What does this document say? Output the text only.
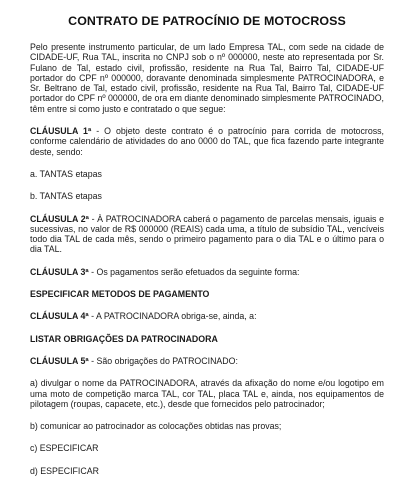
CONTRATO DE PATROCÍNIO DE MOTOCROSS

Pelo presente instrumento particular, de um lado Empresa TAL, com sede na cidade de CIDADE-UF, Rua TAL, inscrita no CNPJ sob o nº 000000, neste ato representada por Sr. Fulano de Tal, estado civil, profissão, residente na Rua Tal, Bairro Tal, CIDADE-UF portador do CPF nº 000000, doravante denominada simplesmente PATROCINADORA, e Sr. Beltrano de Tal, estado civil, profissão, residente na Rua Tal, Bairro Tal, CIDADE-UF portador do CPF nº 000000, de ora em diante denominado simplesmente PATROCINADO, têm entre si como justo e contratado o que segue:

CLÁUSULA 1ª - O objeto deste contrato é o patrocínio para corrida de motocross, conforme calendário de atividades do ano 0000 do TAL, que fica fazendo parte integrante deste, sendo:

a. TANTAS etapas

b. TANTAS etapas

CLÁUSULA 2ª - À PATROCINADORA caberá o pagamento de parcelas mensais, iguais e sucessivas, no valor de R$ 000000 (REAIS) cada uma, a título de subsídio TAL, vencíveis todo dia TAL de cada mês, sendo o primeiro pagamento para o dia TAL e o último para o dia TAL.

CLÁUSULA 3ª - Os pagamentos serão efetuados da seguinte forma:

ESPECIFICAR METODOS DE PAGAMENTO

CLÁUSULA 4ª - A PATROCINADORA obriga-se, ainda, a:

LISTAR OBRIGAÇÕES DA PATROCINADORA

CLÁUSULA 5ª - São obrigações do PATROCINADO:

a) divulgar o nome da PATROCINADORA, através da afixação do nome e/ou logotipo em uma moto de competição marca TAL, cor TAL, placa TAL e, ainda, nos equipamentos de pilotagem (roupas, capacete, etc.), desde que fornecidos pelo patrocinador;

b) comunicar ao patrocinador as colocações obtidas nas provas;

c) ESPECIFICAR

d) ESPECIFICAR
